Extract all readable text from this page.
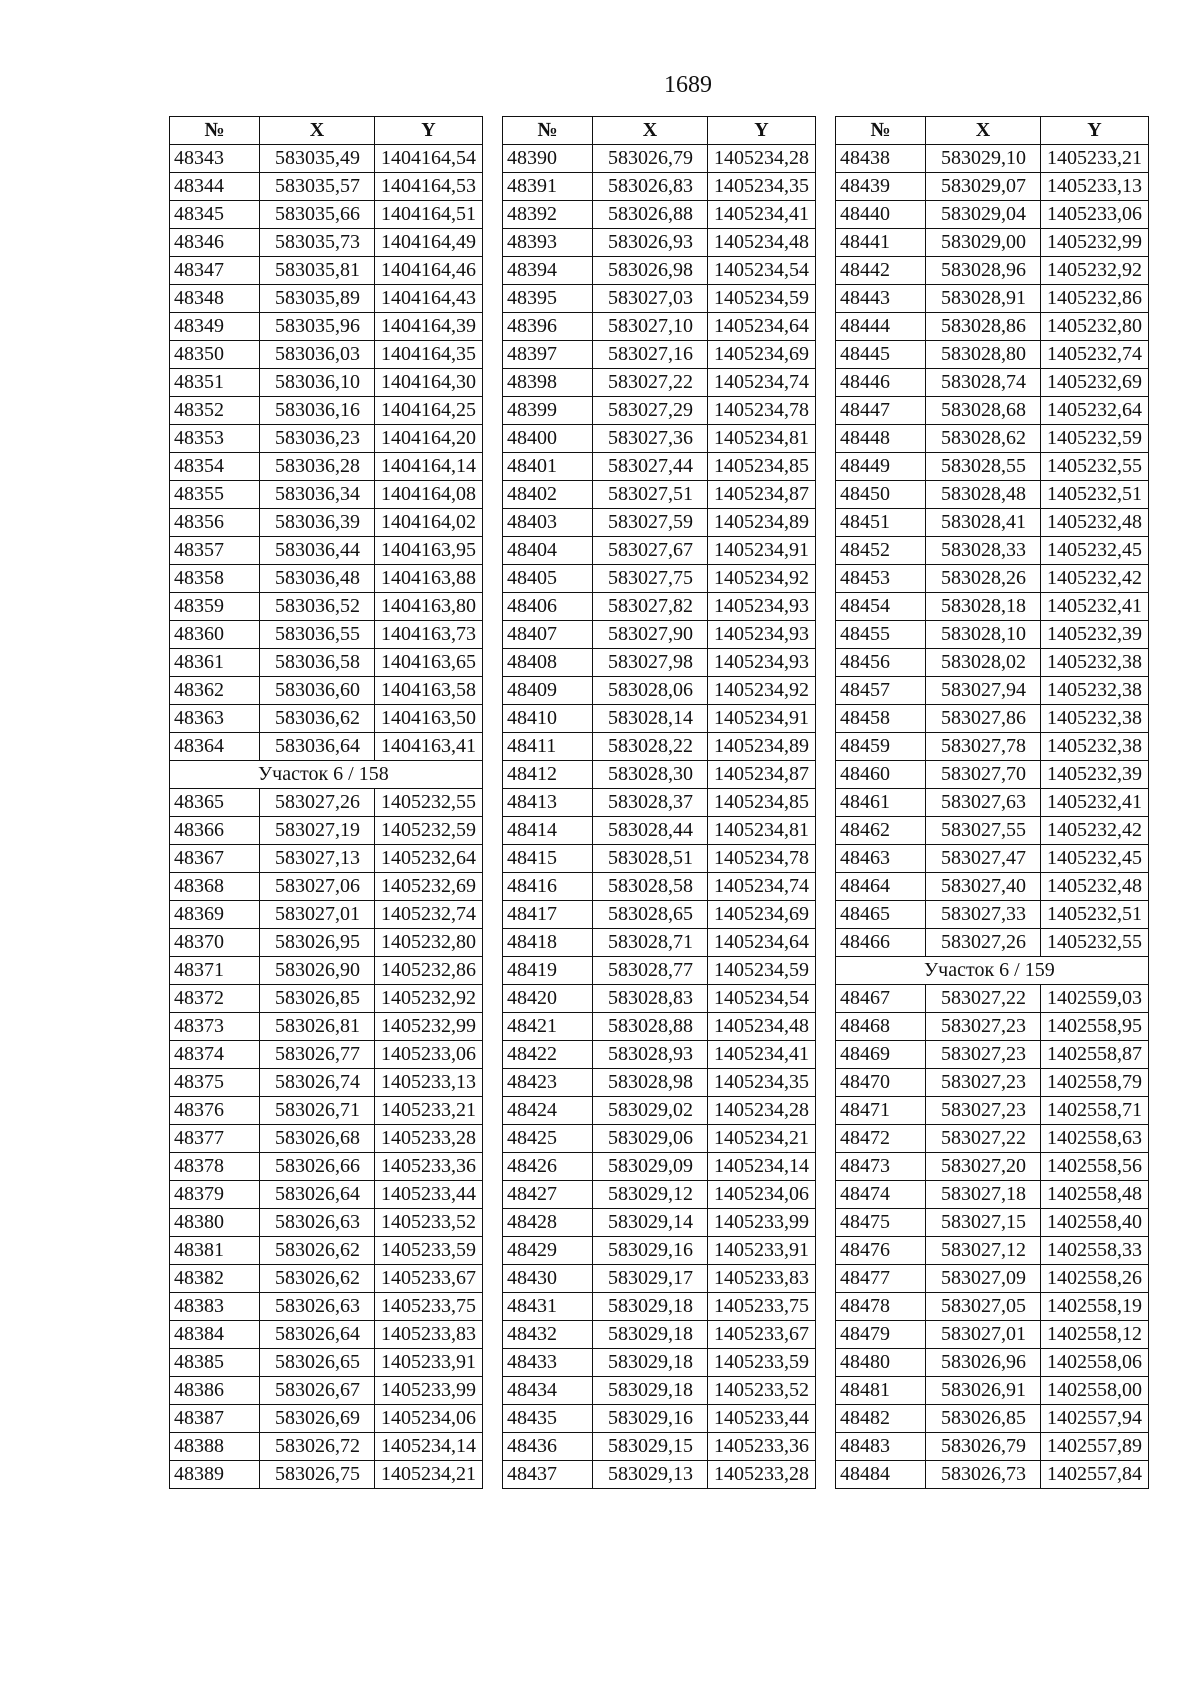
1689
№	X	Y
48343	583035,49	1404164,54
48344	583035,57	1404164,53
48345	583035,66	1404164,51
48346	583035,73	1404164,49
48347	583035,81	1404164,46
48348	583035,89	1404164,43
48349	583035,96	1404164,39
48350	583036,03	1404164,35
48351	583036,10	1404164,30
48352	583036,16	1404164,25
48353	583036,23	1404164,20
48354	583036,28	1404164,14
48355	583036,34	1404164,08
48356	583036,39	1404164,02
48357	583036,44	1404163,95
48358	583036,48	1404163,88
48359	583036,52	1404163,80
48360	583036,55	1404163,73
48361	583036,58	1404163,65
48362	583036,60	1404163,58
48363	583036,62	1404163,50
48364	583036,64	1404163,41
Участок 6 / 158		
48365	583027,26	1405232,55
48366	583027,19	1405232,59
48367	583027,13	1405232,64
48368	583027,06	1405232,69
48369	583027,01	1405232,74
48370	583026,95	1405232,80
48371	583026,90	1405232,86
48372	583026,85	1405232,92
48373	583026,81	1405232,99
48374	583026,77	1405233,06
48375	583026,74	1405233,13
48376	583026,71	1405233,21
48377	583026,68	1405233,28
48378	583026,66	1405233,36
48379	583026,64	1405233,44
48380	583026,63	1405233,52
48381	583026,62	1405233,59
48382	583026,62	1405233,67
48383	583026,63	1405233,75
48384	583026,64	1405233,83
48385	583026,65	1405233,91
48386	583026,67	1405233,99
48387	583026,69	1405234,06
48388	583026,72	1405234,14
48389	583026,75	1405234,21
№	X	Y
48390	583026,79	1405234,28
48391	583026,83	1405234,35
48392	583026,88	1405234,41
48393	583026,93	1405234,48
48394	583026,98	1405234,54
48395	583027,03	1405234,59
48396	583027,10	1405234,64
48397	583027,16	1405234,69
48398	583027,22	1405234,74
48399	583027,29	1405234,78
48400	583027,36	1405234,81
48401	583027,44	1405234,85
48402	583027,51	1405234,87
48403	583027,59	1405234,89
48404	583027,67	1405234,91
48405	583027,75	1405234,92
48406	583027,82	1405234,93
48407	583027,90	1405234,93
48408	583027,98	1405234,93
48409	583028,06	1405234,92
48410	583028,14	1405234,91
48411	583028,22	1405234,89
48412	583028,30	1405234,87
48413	583028,37	1405234,85
48414	583028,44	1405234,81
48415	583028,51	1405234,78
48416	583028,58	1405234,74
48417	583028,65	1405234,69
48418	583028,71	1405234,64
48419	583028,77	1405234,59
48420	583028,83	1405234,54
48421	583028,88	1405234,48
48422	583028,93	1405234,41
48423	583028,98	1405234,35
48424	583029,02	1405234,28
48425	583029,06	1405234,21
48426	583029,09	1405234,14
48427	583029,12	1405234,06
48428	583029,14	1405233,99
48429	583029,16	1405233,91
48430	583029,17	1405233,83
48431	583029,18	1405233,75
48432	583029,18	1405233,67
48433	583029,18	1405233,59
48434	583029,18	1405233,52
48435	583029,16	1405233,44
48436	583029,15	1405233,36
48437	583029,13	1405233,28
№	X	Y
48438	583029,10	1405233,21
48439	583029,07	1405233,13
48440	583029,04	1405233,06
48441	583029,00	1405232,99
48442	583028,96	1405232,92
48443	583028,91	1405232,86
48444	583028,86	1405232,80
48445	583028,80	1405232,74
48446	583028,74	1405232,69
48447	583028,68	1405232,64
48448	583028,62	1405232,59
48449	583028,55	1405232,55
48450	583028,48	1405232,51
48451	583028,41	1405232,48
48452	583028,33	1405232,45
48453	583028,26	1405232,42
48454	583028,18	1405232,41
48455	583028,10	1405232,39
48456	583028,02	1405232,38
48457	583027,94	1405232,38
48458	583027,86	1405232,38
48459	583027,78	1405232,38
48460	583027,70	1405232,39
48461	583027,63	1405232,41
48462	583027,55	1405232,42
48463	583027,47	1405232,45
48464	583027,40	1405232,48
48465	583027,33	1405232,51
48466	583027,26	1405232,55
Участок 6 / 159		
48467	583027,22	1402559,03
48468	583027,23	1402558,95
48469	583027,23	1402558,87
48470	583027,23	1402558,79
48471	583027,23	1402558,71
48472	583027,22	1402558,63
48473	583027,20	1402558,56
48474	583027,18	1402558,48
48475	583027,15	1402558,40
48476	583027,12	1402558,33
48477	583027,09	1402558,26
48478	583027,05	1402558,19
48479	583027,01	1402558,12
48480	583026,96	1402558,06
48481	583026,91	1402558,00
48482	583026,85	1402557,94
48483	583026,79	1402557,89
48484	583026,73	1402557,84
